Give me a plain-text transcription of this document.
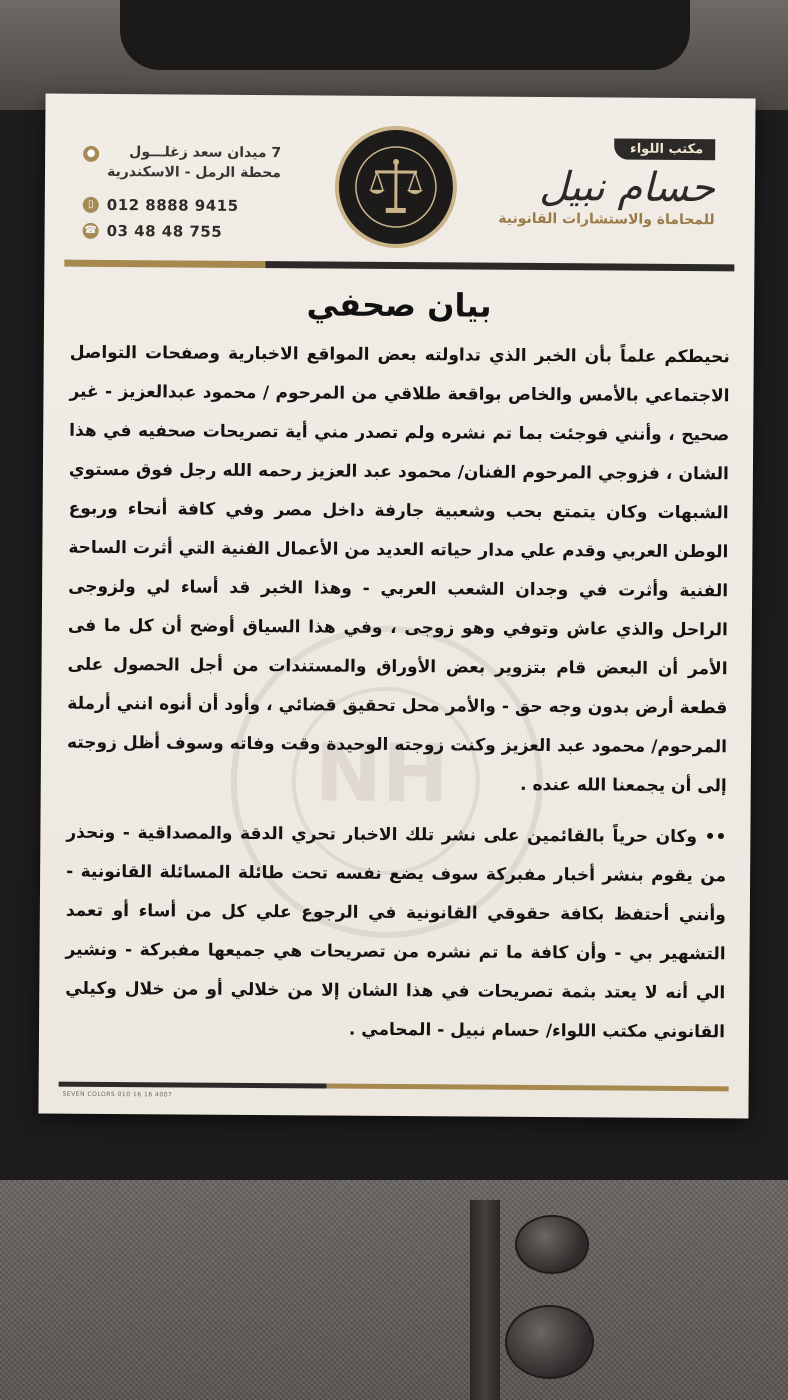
●	7 ميدان سعد زغلـــول
محطة الرمل - الاسكندرية
▯ 012 8888 9415
☎ 03 48 48 755
مكتب اللواء
حسام نبيل
للمحاماة والاستشارات القانونية
NH
بيان صحفي

نحيطكم علماً بأن الخبر الذي تداولته بعض المواقع الاخبارية وصفحات التواصل الاجتماعي بالأمس والخاص بواقعة طلاقي من المرحوم / محمود عبدالعزيز - غير صحيح ، وأنني فوجئت بما تم نشره ولم تصدر مني أية تصريحات صحفيه في هذا الشان ، فزوجي المرحوم الفنان/ محمود عبد العزيز رحمه الله رجل فوق مستوي الشبهات وكان يتمتع بحب وشعبية جارفة داخل مصر وفي كافة أنحاء وربوع الوطن العربي وقدم علي مدار حياته العديد من الأعمال الفنية التي أثرت الساحة الفنية وأثرت في وجدان الشعب العربي - وهذا الخبر قد أساء لي ولزوجى الراحل والذي عاش وتوفي وهو زوجى ، وفي هذا السياق أوضح أن كل ما فى الأمر أن البعض قام بتزوير بعض الأوراق والمستندات من أجل الحصول على قطعة أرض بدون وجه حق - والأمر محل تحقيق قضائي ، وأود أن أنوه انني أرملة المرحوم/ محمود عبد العزيز وكنت زوجته الوحيدة وقت وفاته وسوف أظل زوجته إلى أن يجمعنا الله عنده .

•• وكان حرياً بالقائمين على نشر تلك الاخبار تحري الدقة والمصداقية - ونحذر من يقوم بنشر أخبار مفبركة سوف يضع نفسه تحت طائلة المسائلة القانونية - وأنني أحتفظ بكافة حقوقي القانونية في الرجوع علي كل من أساء أو تعمد التشهير بي - وأن كافة ما تم نشره من تصريحات هي جميعها مفبركة - ونشير الي أنه لا يعتد بثمة تصريحات في هذا الشان إلا من خلالي أو من خلال وكيلي القانوني مكتب اللواء/ حسام نبيل - المحامي .

SEVEN COLORS 010 16 16 4007
